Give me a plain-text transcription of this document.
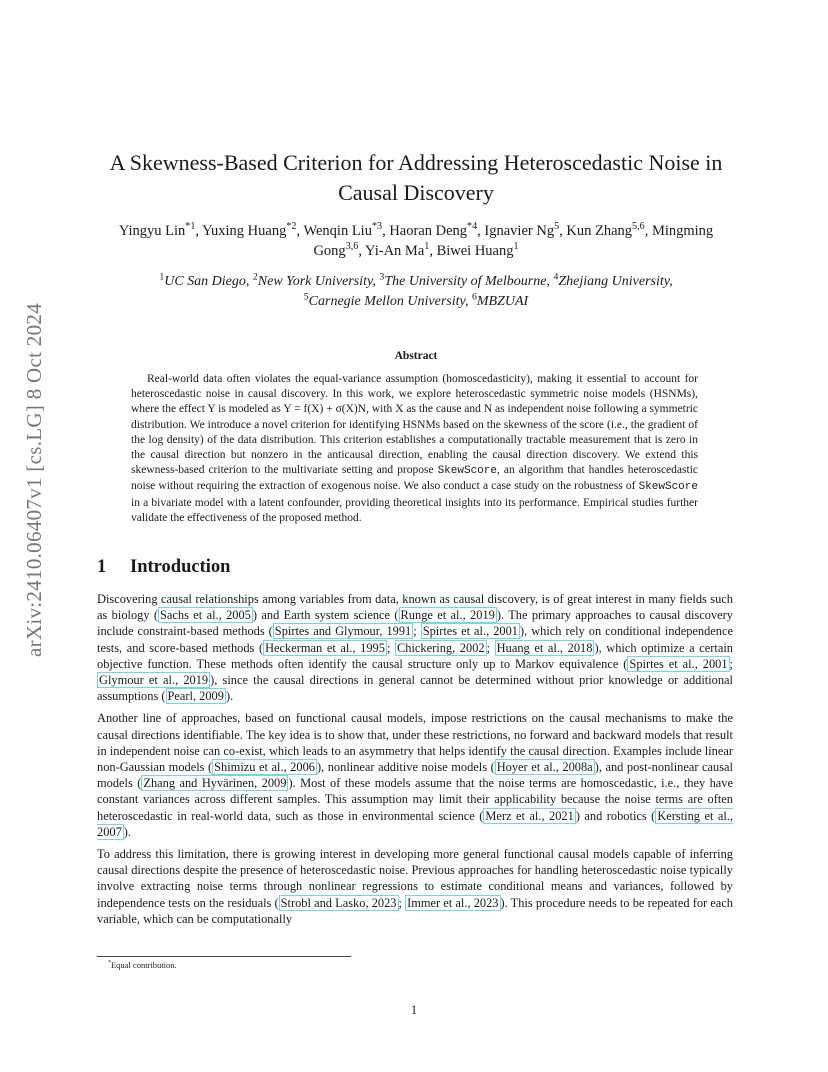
arXiv:2410.06407v1 [cs.LG] 8 Oct 2024
A Skewness-Based Criterion for Addressing Heteroscedastic Noise in Causal Discovery
Yingyu Lin$^{*1}$, Yuxing Huang$^{*2}$, Wenqin Liu$^{*3}$, Haoran Deng$^{*4}$, Ignavier Ng$^5$, Kun Zhang$^{5,6}$, Mingming Gong$^{3,6}$, Yi-An Ma$^1$, Biwei Huang$^1$
$^1$UC San Diego, $^2$New York University, $^3$The University of Melbourne, $^4$Zhejiang University,
$^5$Carnegie Mellon University, $^6$MBZUAI
Abstract
Real-world data often violates the equal-variance assumption (homoscedasticity), making it essential to account for heteroscedastic noise in causal discovery. In this work, we explore heteroscedastic symmetric noise models (HSNMs), where the effect Y is modeled as Y = f(X) + σ(X)N, with X as the cause and N as independent noise following a symmetric distribution. We introduce a novel criterion for identifying HSNMs based on the skewness of the score (i.e., the gradient of the log density) of the data distribution. This criterion establishes a computationally tractable measurement that is zero in the causal direction but nonzero in the anticausal direction, enabling the causal direction discovery. We extend this skewness-based criterion to the multivariate setting and propose SkewScore, an algorithm that handles heteroscedastic noise without requiring the extraction of exogenous noise. We also conduct a case study on the robustness of SkewScore in a bivariate model with a latent confounder, providing theoretical insights into its performance. Empirical studies further validate the effectiveness of the proposed method.
1 Introduction

Discovering causal relationships among variables from data, known as causal discovery, is of great interest in many fields such as biology ( Sachs et al., 2005 ) and Earth system science ( Runge et al., 2019 ). The primary approaches to causal discovery include constraint-based methods ( Spirtes and Glymour, 1991 ; Spirtes et al., 2001 ), which rely on conditional independence tests, and score-based methods ( Heckerman et al., 1995 ; Chickering, 2002 ; Huang et al., 2018 ), which optimize a certain objective function. These methods often identify the causal structure only up to Markov equivalence ( Spirtes et al., 2001 ; Glymour et al., 2019 ), since the causal directions in general cannot be determined without prior knowledge or additional assumptions ( Pearl, 2009 ).

Another line of approaches, based on functional causal models, impose restrictions on the causal mechanisms to make the causal directions identifiable. The key idea is to show that, under these restrictions, no forward and backward models that result in independent noise can co-exist, which leads to an asymmetry that helps identify the causal direction. Examples include linear non-Gaussian models ( Shimizu et al., 2006 ), nonlinear additive noise models ( Hoyer et al., 2008a ), and post-nonlinear causal models ( Zhang and Hyvärinen, 2009 ). Most of these models assume that the noise terms are homoscedastic, i.e., they have constant variances across different samples. This assumption may limit their applicability because the noise terms are often heteroscedastic in real-world data, such as those in environmental science ( Merz et al., 2021 ) and robotics ( Kersting et al., 2007 ).

To address this limitation, there is growing interest in developing more general functional causal models capable of inferring causal directions despite the presence of heteroscedastic noise. Previous approaches for handling heteroscedastic noise typically involve extracting noise terms through nonlinear regressions to estimate conditional means and variances, followed by independence tests on the residuals ( Strobl and Lasko, 2023 ; Immer et al., 2023 ). This procedure needs to be repeated for each variable, which can be computationally

*Equal contribution.
1
